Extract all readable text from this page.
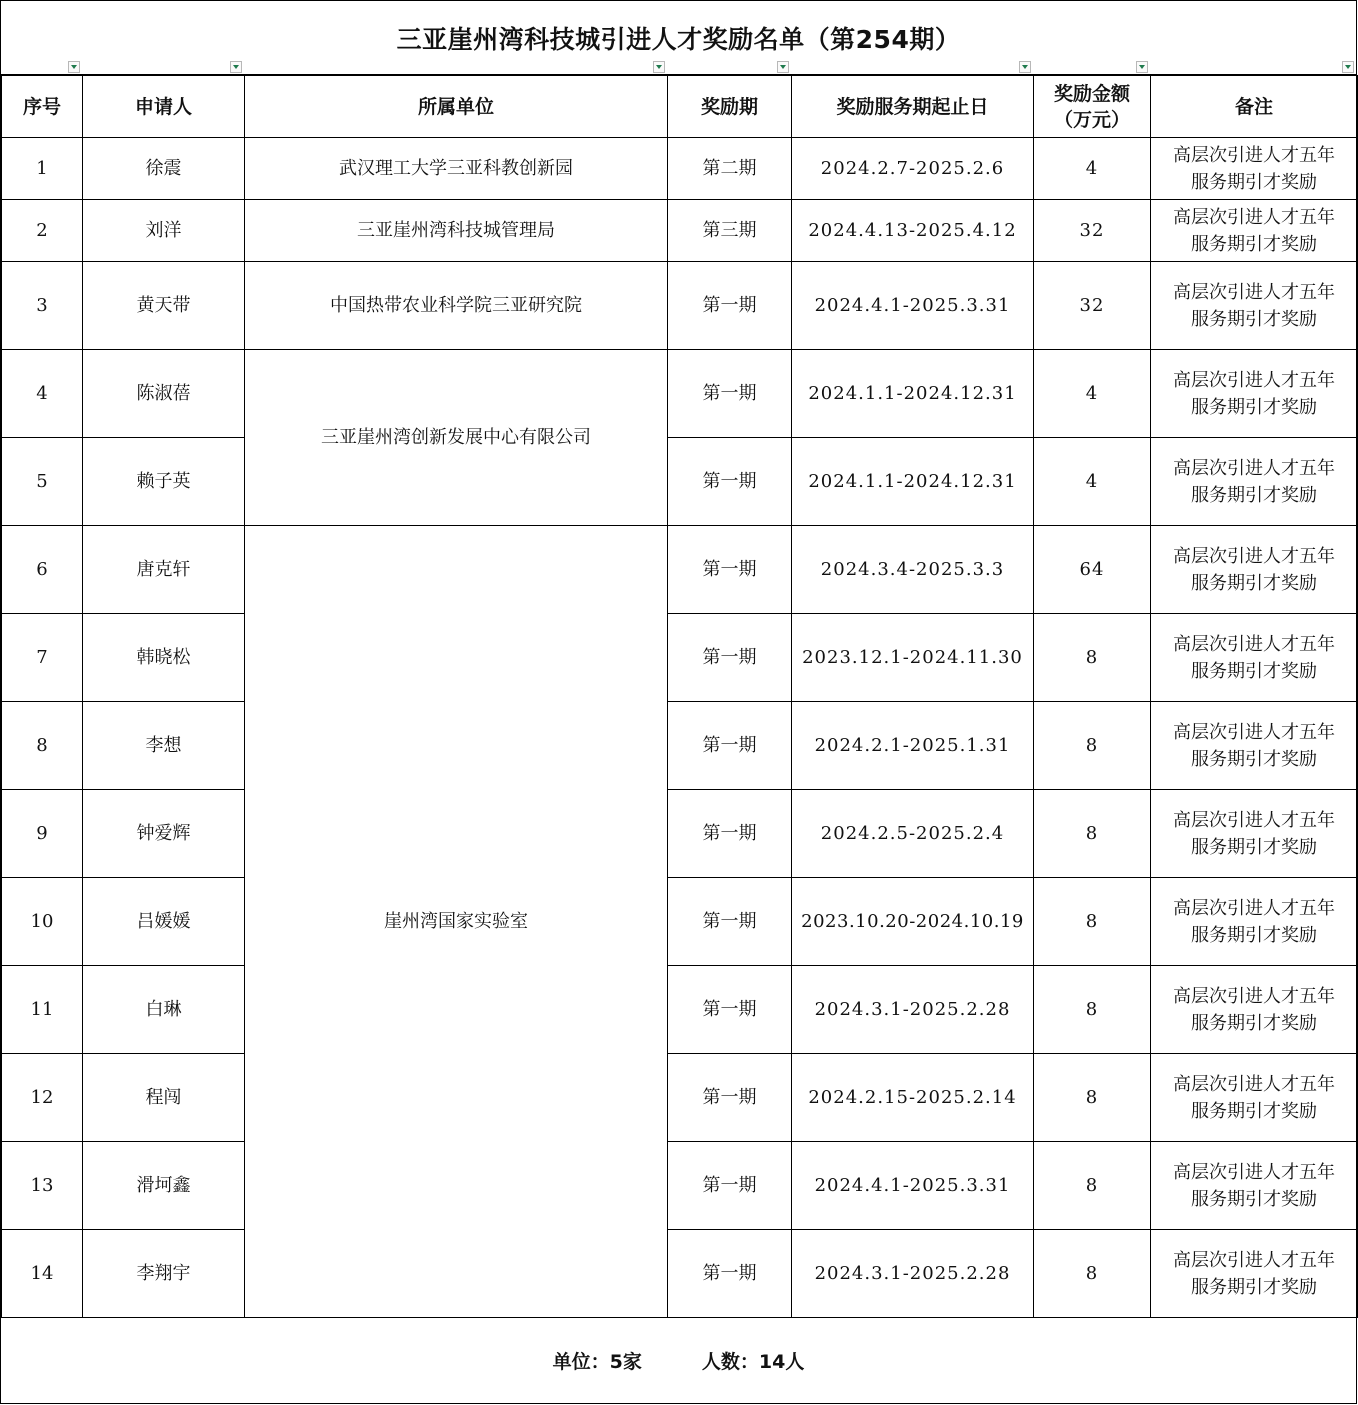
三亚崖州湾科技城引进人才奖励名单（第254期）
序号	申请人	所属单位	奖励期	奖励服务期起止日	奖励金额
（万元）	备注
1	徐震	武汉理工大学三亚科教创新园	第二期	2024.2.7-2025.2.6	4	高层次引进人才五年
服务期引才奖励

2	刘洋	三亚崖州湾科技城管理局	第三期	2024.4.13-2025.4.12	32	高层次引进人才五年
服务期引才奖励

3	黄天带	中国热带农业科学院三亚研究院	第一期	2024.4.1-2025.3.31	32	高层次引进人才五年
服务期引才奖励

4	陈淑蓓	三亚崖州湾创新发展中心有限公司	第一期	2024.1.1-2024.12.31	4	高层次引进人才五年
服务期引才奖励

5	赖子英		第一期	2024.1.1-2024.12.31	4	高层次引进人才五年
服务期引才奖励

6	唐克轩	崖州湾国家实验室	第一期	2024.3.4-2025.3.3	64	高层次引进人才五年
服务期引才奖励

7	韩晓松		第一期	2023.12.1-2024.11.30	8	高层次引进人才五年
服务期引才奖励

8	李想		第一期	2024.2.1-2025.1.31	8	高层次引进人才五年
服务期引才奖励

9	钟爱辉		第一期	2024.2.5-2025.2.4	8	高层次引进人才五年
服务期引才奖励

10	吕媛媛		第一期	2023.10.20-2024.10.19	8	高层次引进人才五年
服务期引才奖励

11	白琳		第一期	2024.3.1-2025.2.28	8	高层次引进人才五年
服务期引才奖励

12	程闯		第一期	2024.2.15-2025.2.14	8	高层次引进人才五年
服务期引才奖励

13	滑坷鑫		第一期	2024.4.1-2025.3.31	8	高层次引进人才五年
服务期引才奖励

14	李翔宇		第一期	2024.3.1-2025.2.28	8	高层次引进人才五年
服务期引才奖励
单位：5家	人数：14人
